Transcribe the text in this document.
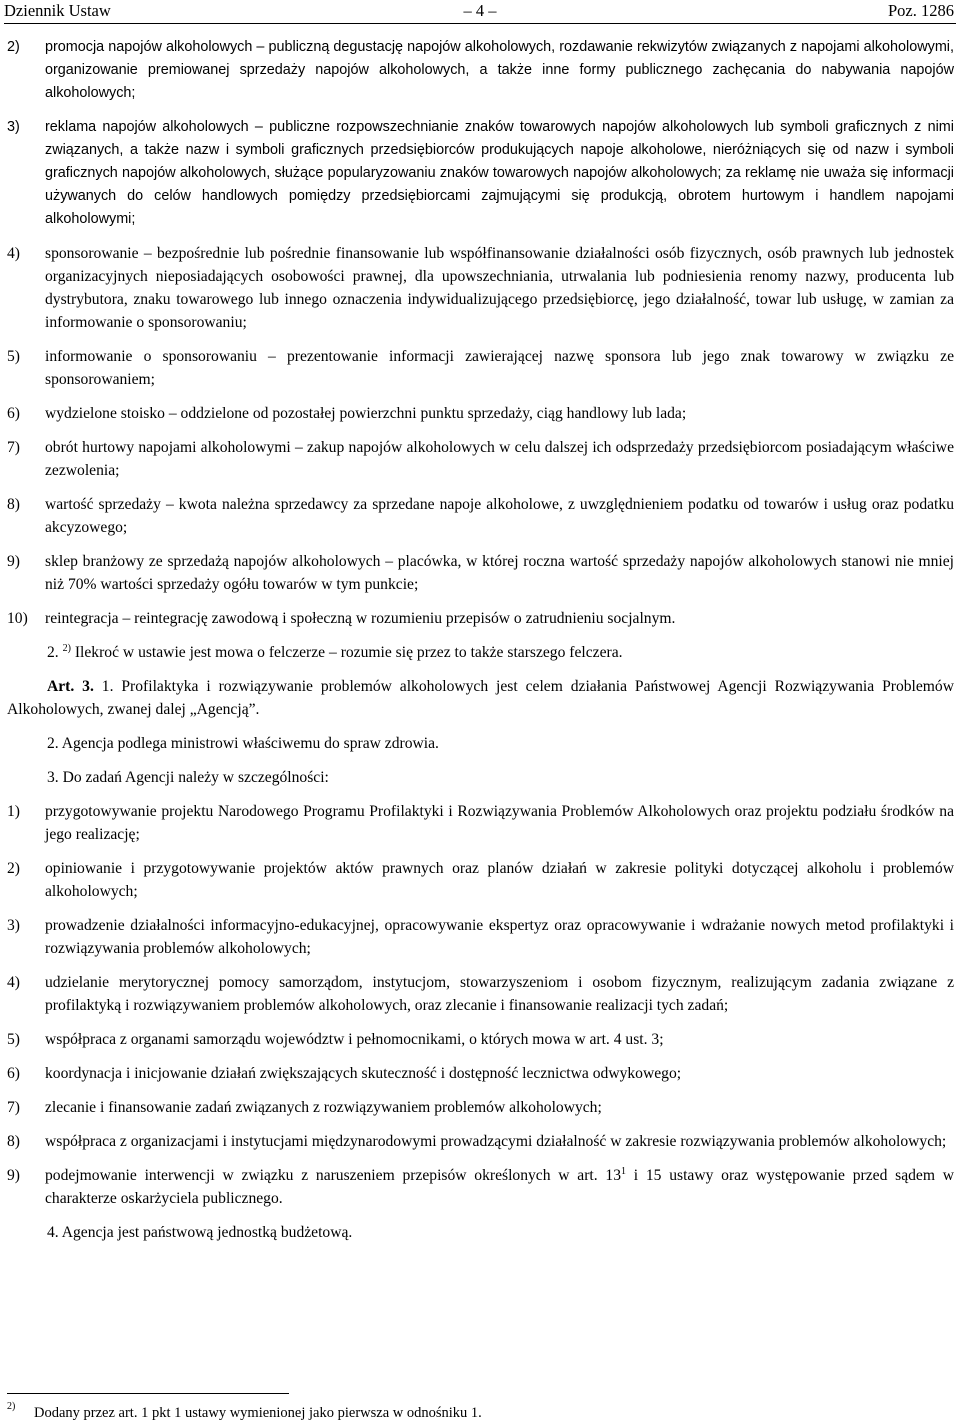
Dziennik Ustaw	– 4 –	Poz. 1286
2) promocja napojów alkoholowych – publiczną degustację napojów alkoholowych, rozdawanie rekwizytów związanych z napojami alkoholowymi, organizowanie premiowanej sprzedaży napojów alkoholowych, a także inne formy publicznego zachęcania do nabywania napojów alkoholowych;
3) reklama napojów alkoholowych – publiczne rozpowszechnianie znaków towarowych napojów alkoholowych lub symboli graficznych z nimi związanych, a także nazw i symboli graficznych przedsiębiorców produkujących napoje alkoholowe, nieróżniących się od nazw i symboli graficznych napojów alkoholowych, służące popularyzowaniu znaków towarowych napojów alkoholowych; za reklamę nie uważa się informacji używanych do celów handlowych pomiędzy przedsiębiorcami zajmującymi się produkcją, obrotem hurtowym i handlem napojami alkoholowymi;
4) sponsorowanie – bezpośrednie lub pośrednie finansowanie lub współfinansowanie działalności osób fizycznych, osób prawnych lub jednostek organizacyjnych nieposiadających osobowości prawnej, dla upowszechniania, utrwalania lub podniesienia renomy nazwy, producenta lub dystrybutora, znaku towarowego lub innego oznaczenia indywidualizującego przedsiębiorcę, jego działalność, towar lub usługę, w zamian za informowanie o sponsorowaniu;
5) informowanie o sponsorowaniu – prezentowanie informacji zawierającej nazwę sponsora lub jego znak towarowy w związku ze sponsorowaniem;
6) wydzielone stoisko – oddzielone od pozostałej powierzchni punktu sprzedaży, ciąg handlowy lub lada;
7) obrót hurtowy napojami alkoholowymi – zakup napojów alkoholowych w celu dalszej ich odsprzedaży przedsiębiorcom posiadającym właściwe zezwolenia;
8) wartość sprzedaży – kwota należna sprzedawcy za sprzedane napoje alkoholowe, z uwzględnieniem podatku od towarów i usług oraz podatku akcyzowego;
9) sklep branżowy ze sprzedażą napojów alkoholowych – placówka, w której roczna wartość sprzedaży napojów alkoholowych stanowi nie mniej niż 70% wartości sprzedaży ogółu towarów w tym punkcie;
10) reintegracja – reintegrację zawodową i społeczną w rozumieniu przepisów o zatrudnieniu socjalnym.
2. $^{2)}$ Ilekroć w ustawie jest mowa o felczerze – rozumie się przez to także starszego felczera.
Art. 3. 1. Profilaktyka i rozwiązywanie problemów alkoholowych jest celem działania Państwowej Agencji Rozwiązywania Problemów Alkoholowych, zwanej dalej „Agencją”.
2. Agencja podlega ministrowi właściwemu do spraw zdrowia.
3. Do zadań Agencji należy w szczególności:
1) przygotowywanie projektu Narodowego Programu Profilaktyki i Rozwiązywania Problemów Alkoholowych oraz projektu podziału środków na jego realizację;
2) opiniowanie i przygotowywanie projektów aktów prawnych oraz planów działań w zakresie polityki dotyczącej alkoholu i problemów alkoholowych;
3) prowadzenie działalności informacyjno-edukacyjnej, opracowywanie ekspertyz oraz opracowywanie i wdrażanie nowych metod profilaktyki i rozwiązywania problemów alkoholowych;
4) udzielanie merytorycznej pomocy samorządom, instytucjom, stowarzyszeniom i osobom fizycznym, realizującym zadania związane z profilaktyką i rozwiązywaniem problemów alkoholowych, oraz zlecanie i finansowanie realizacji tych zadań;
5) współpraca z organami samorządu województw i pełnomocnikami, o których mowa w art. 4 ust. 3;
6) koordynacja i inicjowanie działań zwiększających skuteczność i dostępność lecznictwa odwykowego;
7) zlecanie i finansowanie zadań związanych z rozwiązywaniem problemów alkoholowych;
8) współpraca z organizacjami i instytucjami międzynarodowymi prowadzącymi działalność w zakresie rozwiązywania problemów alkoholowych;
9) podejmowanie interwencji w związku z naruszeniem przepisów określonych w art. $13^1$ i 15 ustawy oraz występowanie przed sądem w charakterze oskarżyciela publicznego.
4. Agencja jest państwową jednostką budżetową.
2)	Dodany przez art. 1 pkt 1 ustawy wymienionej jako pierwsza w odnośniku 1.
